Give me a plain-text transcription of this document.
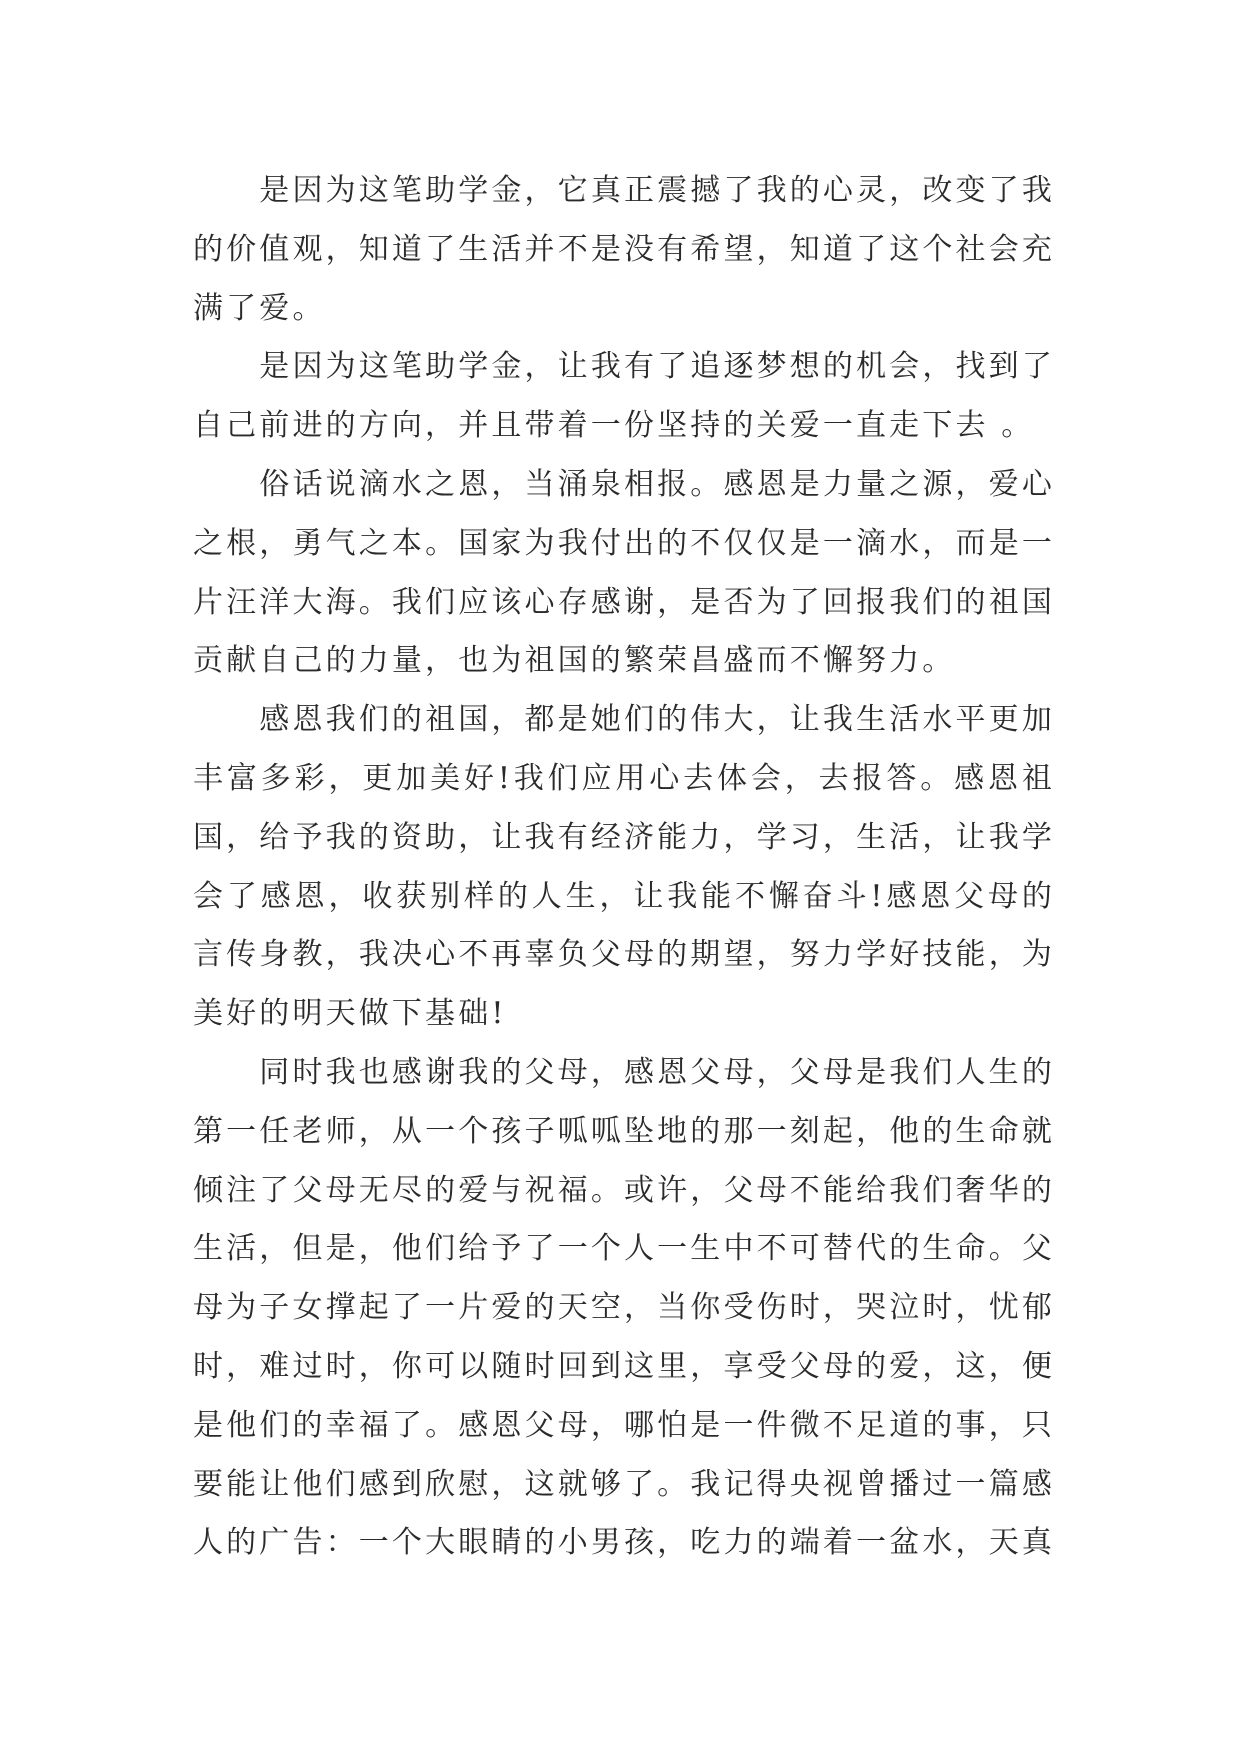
是因为这笔助学金，它真正震撼了我的心灵，改变了我
的价值观，知道了生活并不是没有希望，知道了这个社会充
满了爱。
是因为这笔助学金，让我有了追逐梦想的机会，找到了
自己前进的方向，并且带着一份坚持的关爱一直走下去 。
俗话说滴水之恩，当涌泉相报。感恩是力量之源，爱心
之根，勇气之本。国家为我付出的不仅仅是一滴水，而是一
片汪洋大海。我们应该心存感谢，是否为了回报我们的祖国
贡献自己的力量，也为祖国的繁荣昌盛而不懈努力。
感恩我们的祖国，都是她们的伟大，让我生活水平更加
丰富多彩，更加美好!我们应用心去体会，去报答。感恩祖
国，给予我的资助，让我有经济能力，学习，生活，让我学
会了感恩，收获别样的人生，让我能不懈奋斗!感恩父母的
言传身教，我决心不再辜负父母的期望，努力学好技能，为
美好的明天做下基础!
同时我也感谢我的父母，感恩父母，父母是我们人生的
第一任老师，从一个孩子呱呱坠地的那一刻起，他的生命就
倾注了父母无尽的爱与祝福。或许，父母不能给我们奢华的
生活，但是，他们给予了一个人一生中不可替代的生命。父
母为子女撑起了一片爱的天空，当你受伤时，哭泣时，忧郁
时，难过时，你可以随时回到这里，享受父母的爱，这，便
是他们的幸福了。感恩父母，哪怕是一件微不足道的事，只
要能让他们感到欣慰，这就够了。我记得央视曾播过一篇感
人的广告：一个大眼睛的小男孩，吃力的端着一盆水，天真
